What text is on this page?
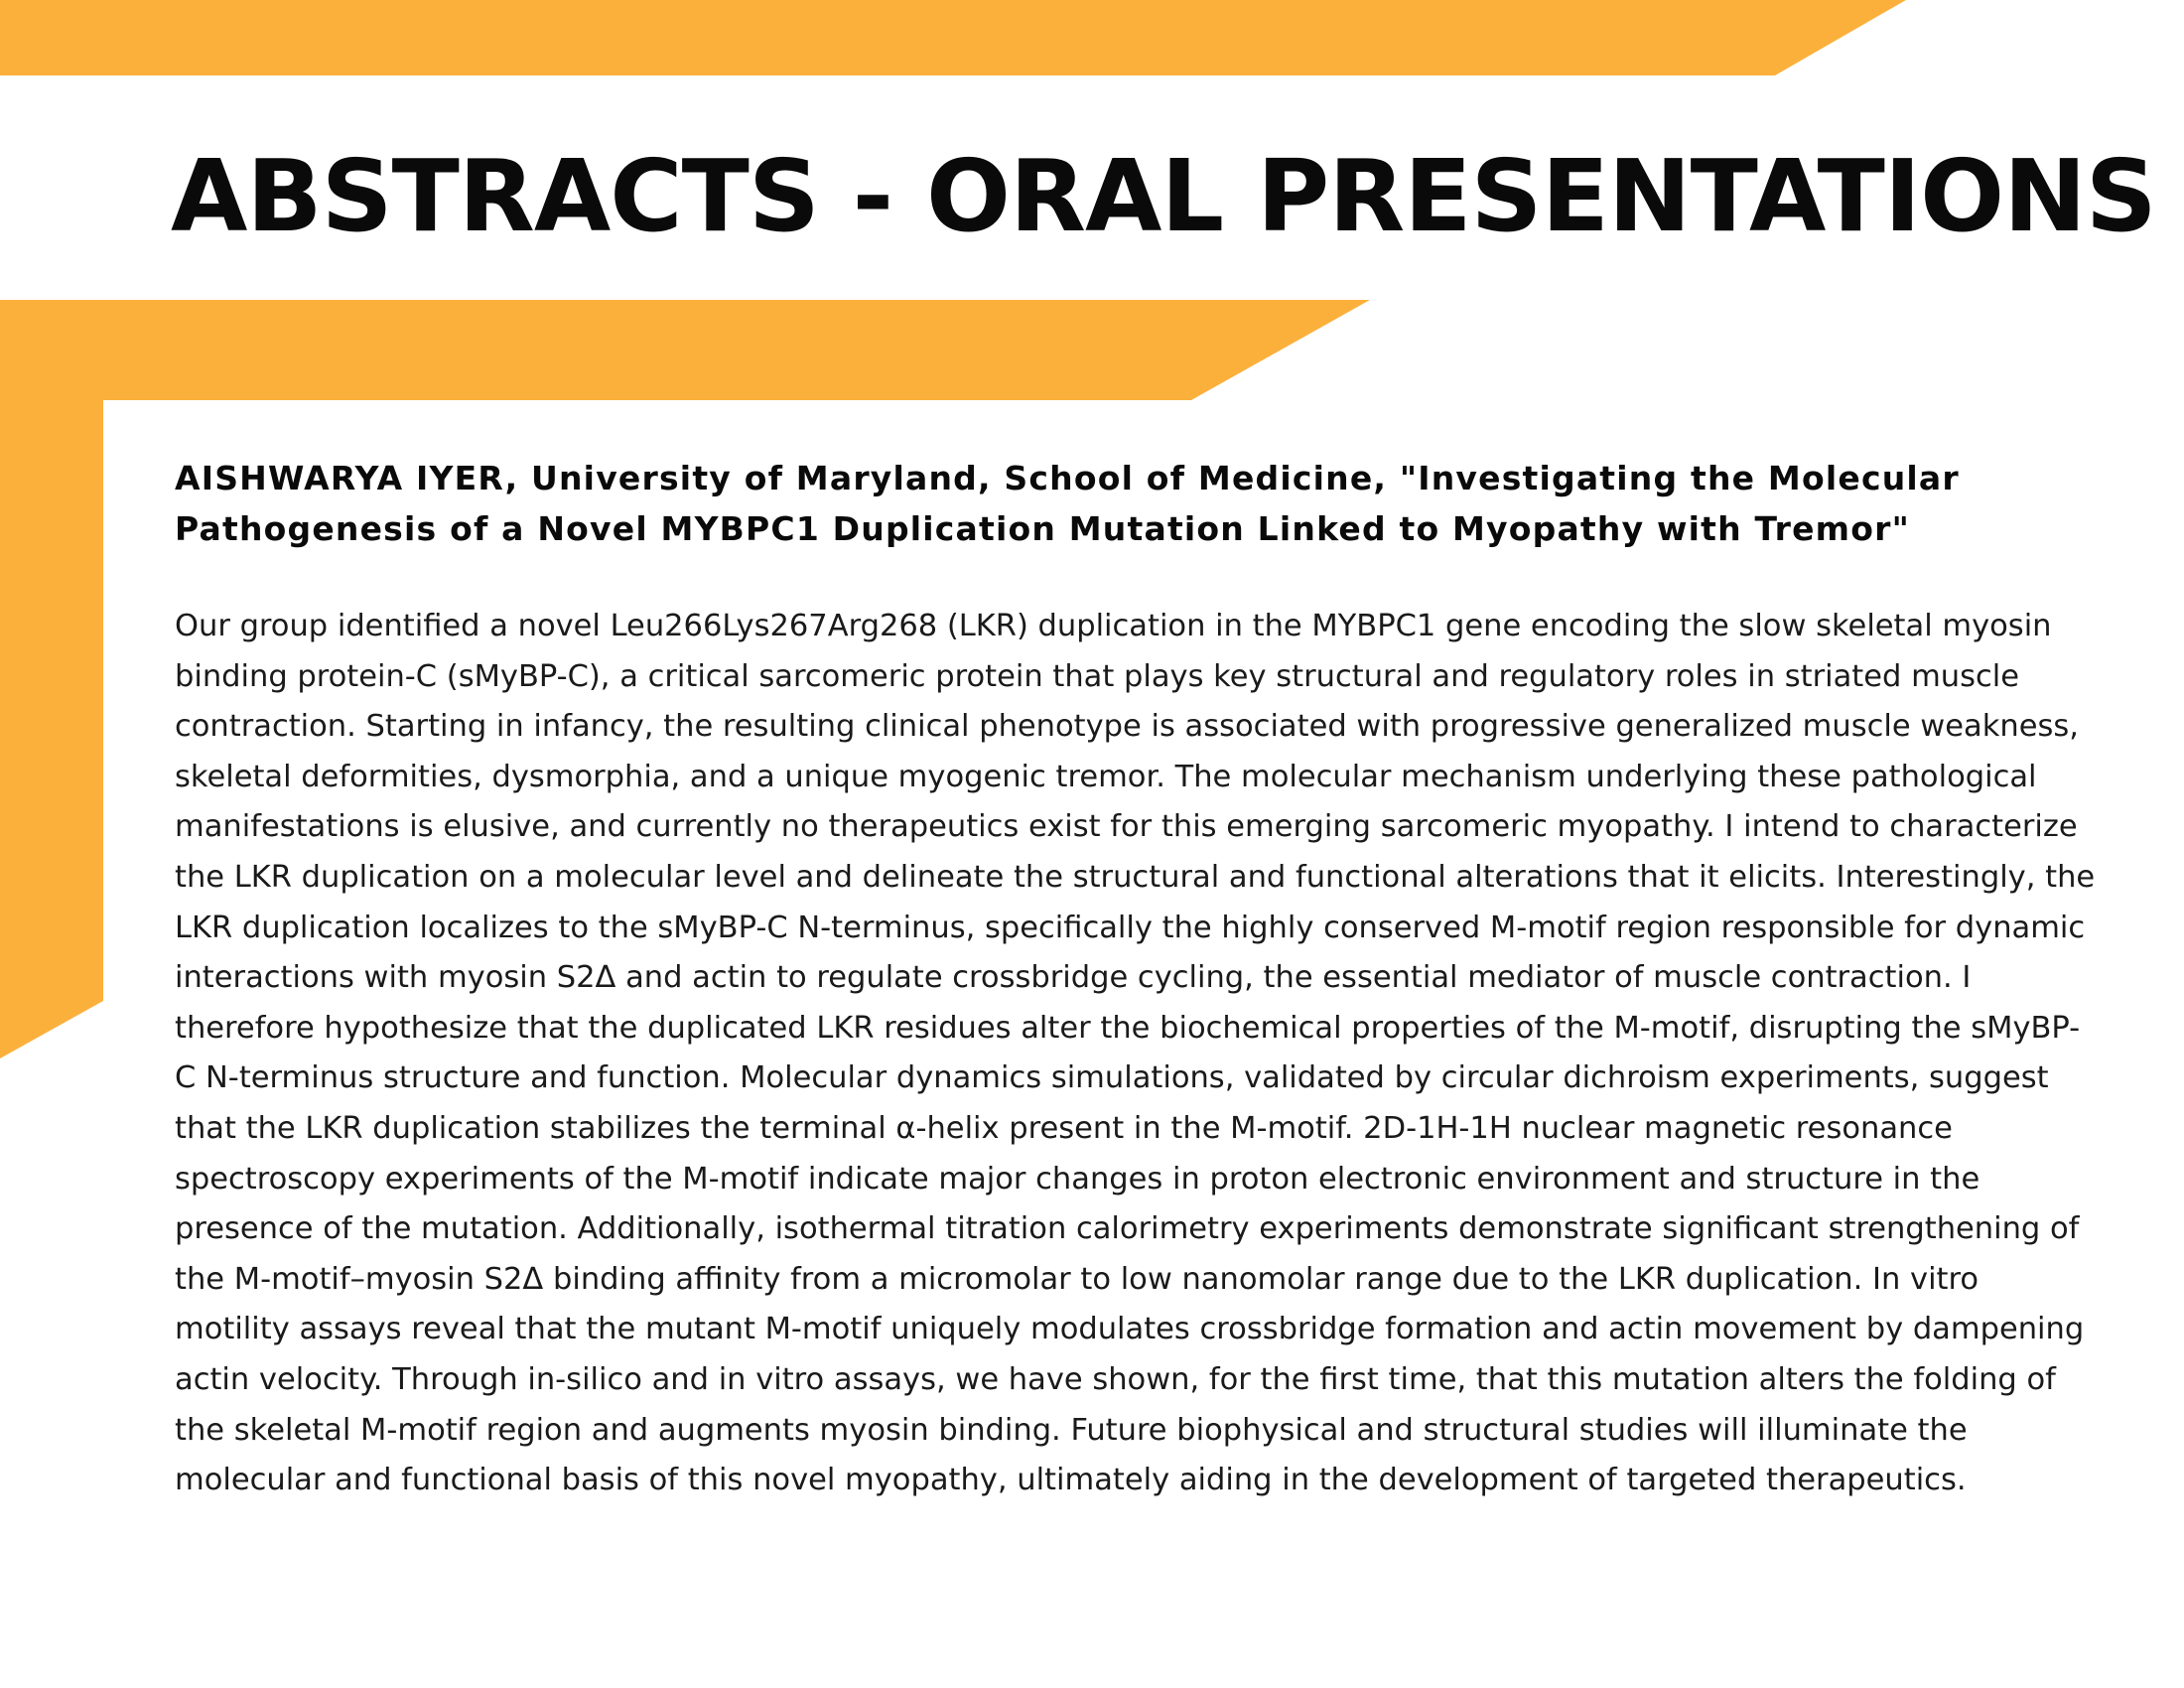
ABSTRACTS - ORAL PRESENTATIONS
AISHWARYA IYER, University of Maryland, School of Medicine, "Investigating the Molecular
Pathogenesis of a Novel MYBPC1 Duplication Mutation Linked to Myopathy with Tremor"

Our group identified a novel Leu266Lys267Arg268 (LKR) duplication in the MYBPC1 gene encoding the slow skeletal myosin binding protein-C (sMyBP-C), a critical sarcomeric protein that plays key structural and regulatory roles in striated muscle contraction. Starting in infancy, the resulting clinical phenotype is associated with progressive generalized muscle weakness, skeletal deformities, dysmorphia, and a unique myogenic tremor. The molecular mechanism underlying these pathological manifestations is elusive, and currently no therapeutics exist for this emerging sarcomeric myopathy. I intend to characterize the LKR duplication on a molecular level and delineate the structural and functional alterations that it elicits. Interestingly, the LKR duplication localizes to the sMyBP-C N-terminus, specifically the highly conserved M-motif region responsible for dynamic interactions with myosin S2Δ and actin to regulate crossbridge cycling, the essential mediator of muscle contraction. I therefore hypothesize that the duplicated LKR residues alter the biochemical properties of the M-motif, disrupting the sMyBP-C N-terminus structure and function. Molecular dynamics simulations, validated by circular dichroism experiments, suggest that the LKR duplication stabilizes the terminal α-helix present in the M-motif. 2D-1H-1H nuclear magnetic resonance spectroscopy experiments of the M-motif indicate major changes in proton electronic environment and structure in the presence of the mutation. Additionally, isothermal titration calorimetry experiments demonstrate significant strengthening of the M-motif–myosin S2Δ binding affinity from a micromolar to low nanomolar range due to the LKR duplication. In vitro motility assays reveal that the mutant M-motif uniquely modulates crossbridge formation and actin movement by dampening actin velocity. Through in-silico and in vitro assays, we have shown, for the first time, that this mutation alters the folding of the skeletal M-motif region and augments myosin binding. Future biophysical and structural studies will illuminate the molecular and functional basis of this novel myopathy, ultimately aiding in the development of targeted therapeutics.
